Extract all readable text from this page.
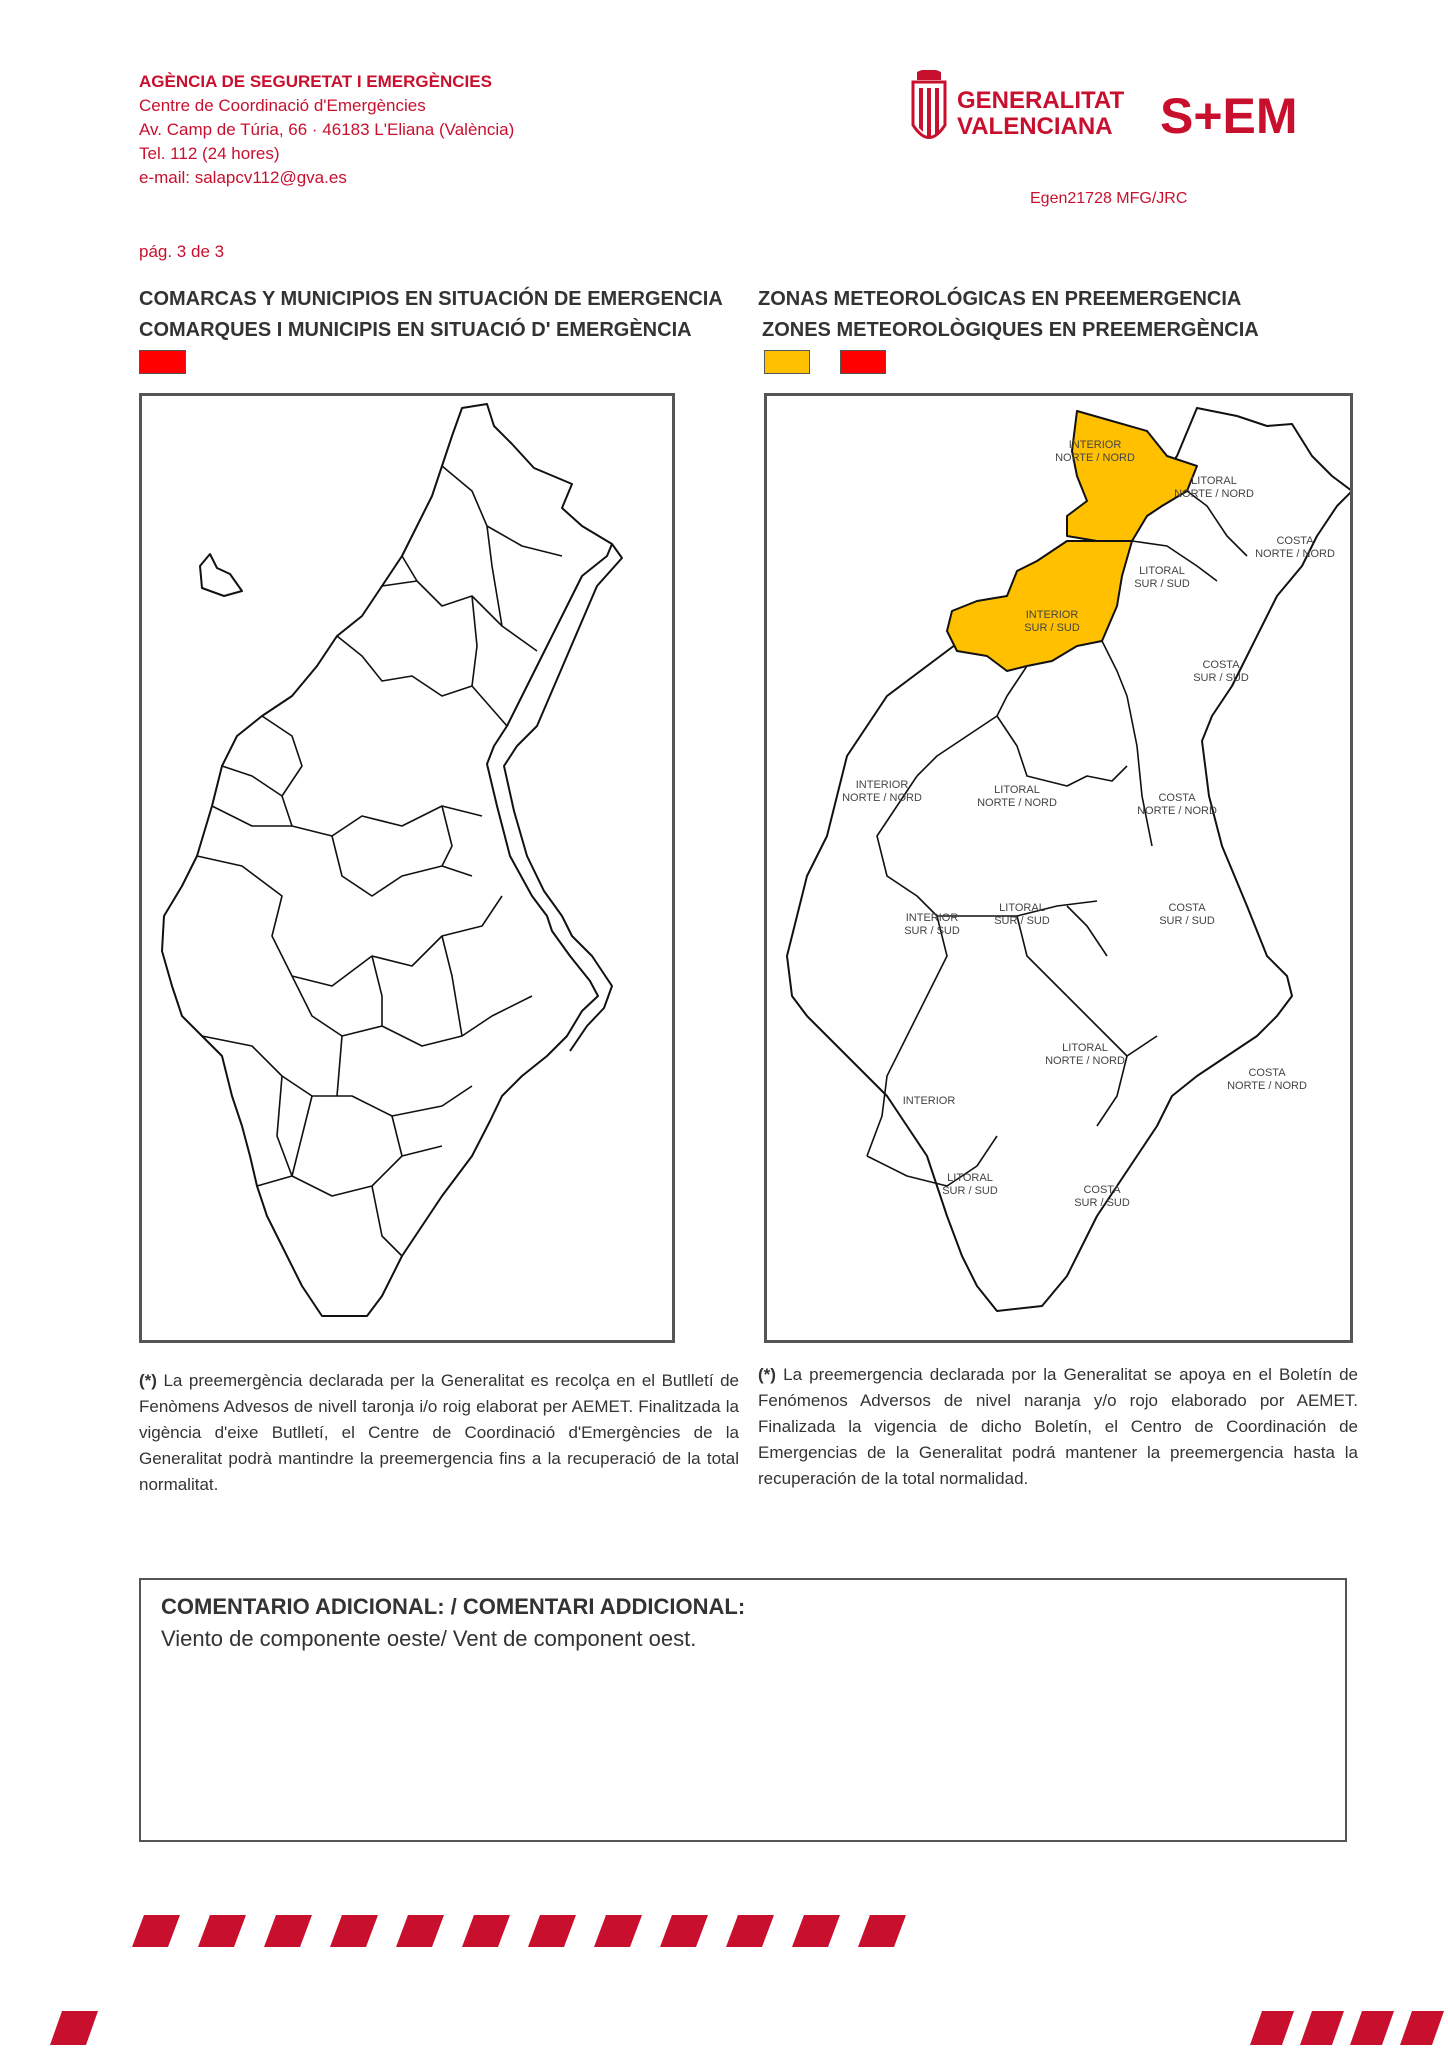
AGÈNCIA DE SEGURETAT I EMERGÈNCIES
Centre de Coordinació d'Emergències
Av. Camp de Túria, 66 · 46183 L'Eliana (València)
Tel. 112 (24 hores)
e-mail: salapcv112@gva.es
GENERALITAT
VALENCIANA S+EM
Egen21728 MFG/JRC
pág. 3 de 3
COMARCAS Y MUNICIPIOS EN SITUACIÓN DE EMERGENCIA
COMARQUES I MUNICIPIS EN SITUACIÓ D' EMERGÈNCIA
ZONAS METEOROLÓGICAS EN PREEMERGENCIA
ZONES METEOROLÒGIQUES EN PREEMERGÈNCIA
INTERIOR
NORTE / NORD
LITORAL
NORTE / NORD
COSTA
NORTE / NORD
LITORAL
SUR / SUD
INTERIOR
SUR / SUD
COSTA
SUR / SUD
INTERIOR
NORTE / NORD
LITORAL
NORTE / NORD	COSTA
NORTE / NORD
LITORAL
SUR / SUD
INTERIOR
SUR / SUD
COSTA
SUR / SUD
LITORAL
NORTE / NORD
COSTA
NORTE / NORD
INTERIOR
LITORAL
SUR / SUD	COSTA
SUR / SUD
(*) La preemergència declarada per la Generalitat es recolça en el Butlletí de Fenòmens Advesos de nivell taronja i/o roig elaborat per AEMET. Finalitzada la vigència d'eixe Butlletí, el Centre de Coordinació d'Emergències de la Generalitat podrà mantindre la preemergencia fins a la recuperació de la total normalitat.
(*) La preemergencia declarada por la Generalitat se apoya en el Boletín de Fenómenos Adversos de nivel naranja y/o rojo elaborado por AEMET. Finalizada la vigencia de dicho Boletín, el Centro de Coordinación de Emergencias de la Generalitat podrá mantener la preemergencia hasta la recuperación de la total normalidad.
COMENTARIO ADICIONAL: / COMENTARI ADDICIONAL:
Viento de componente oeste/ Vent de component oest.
